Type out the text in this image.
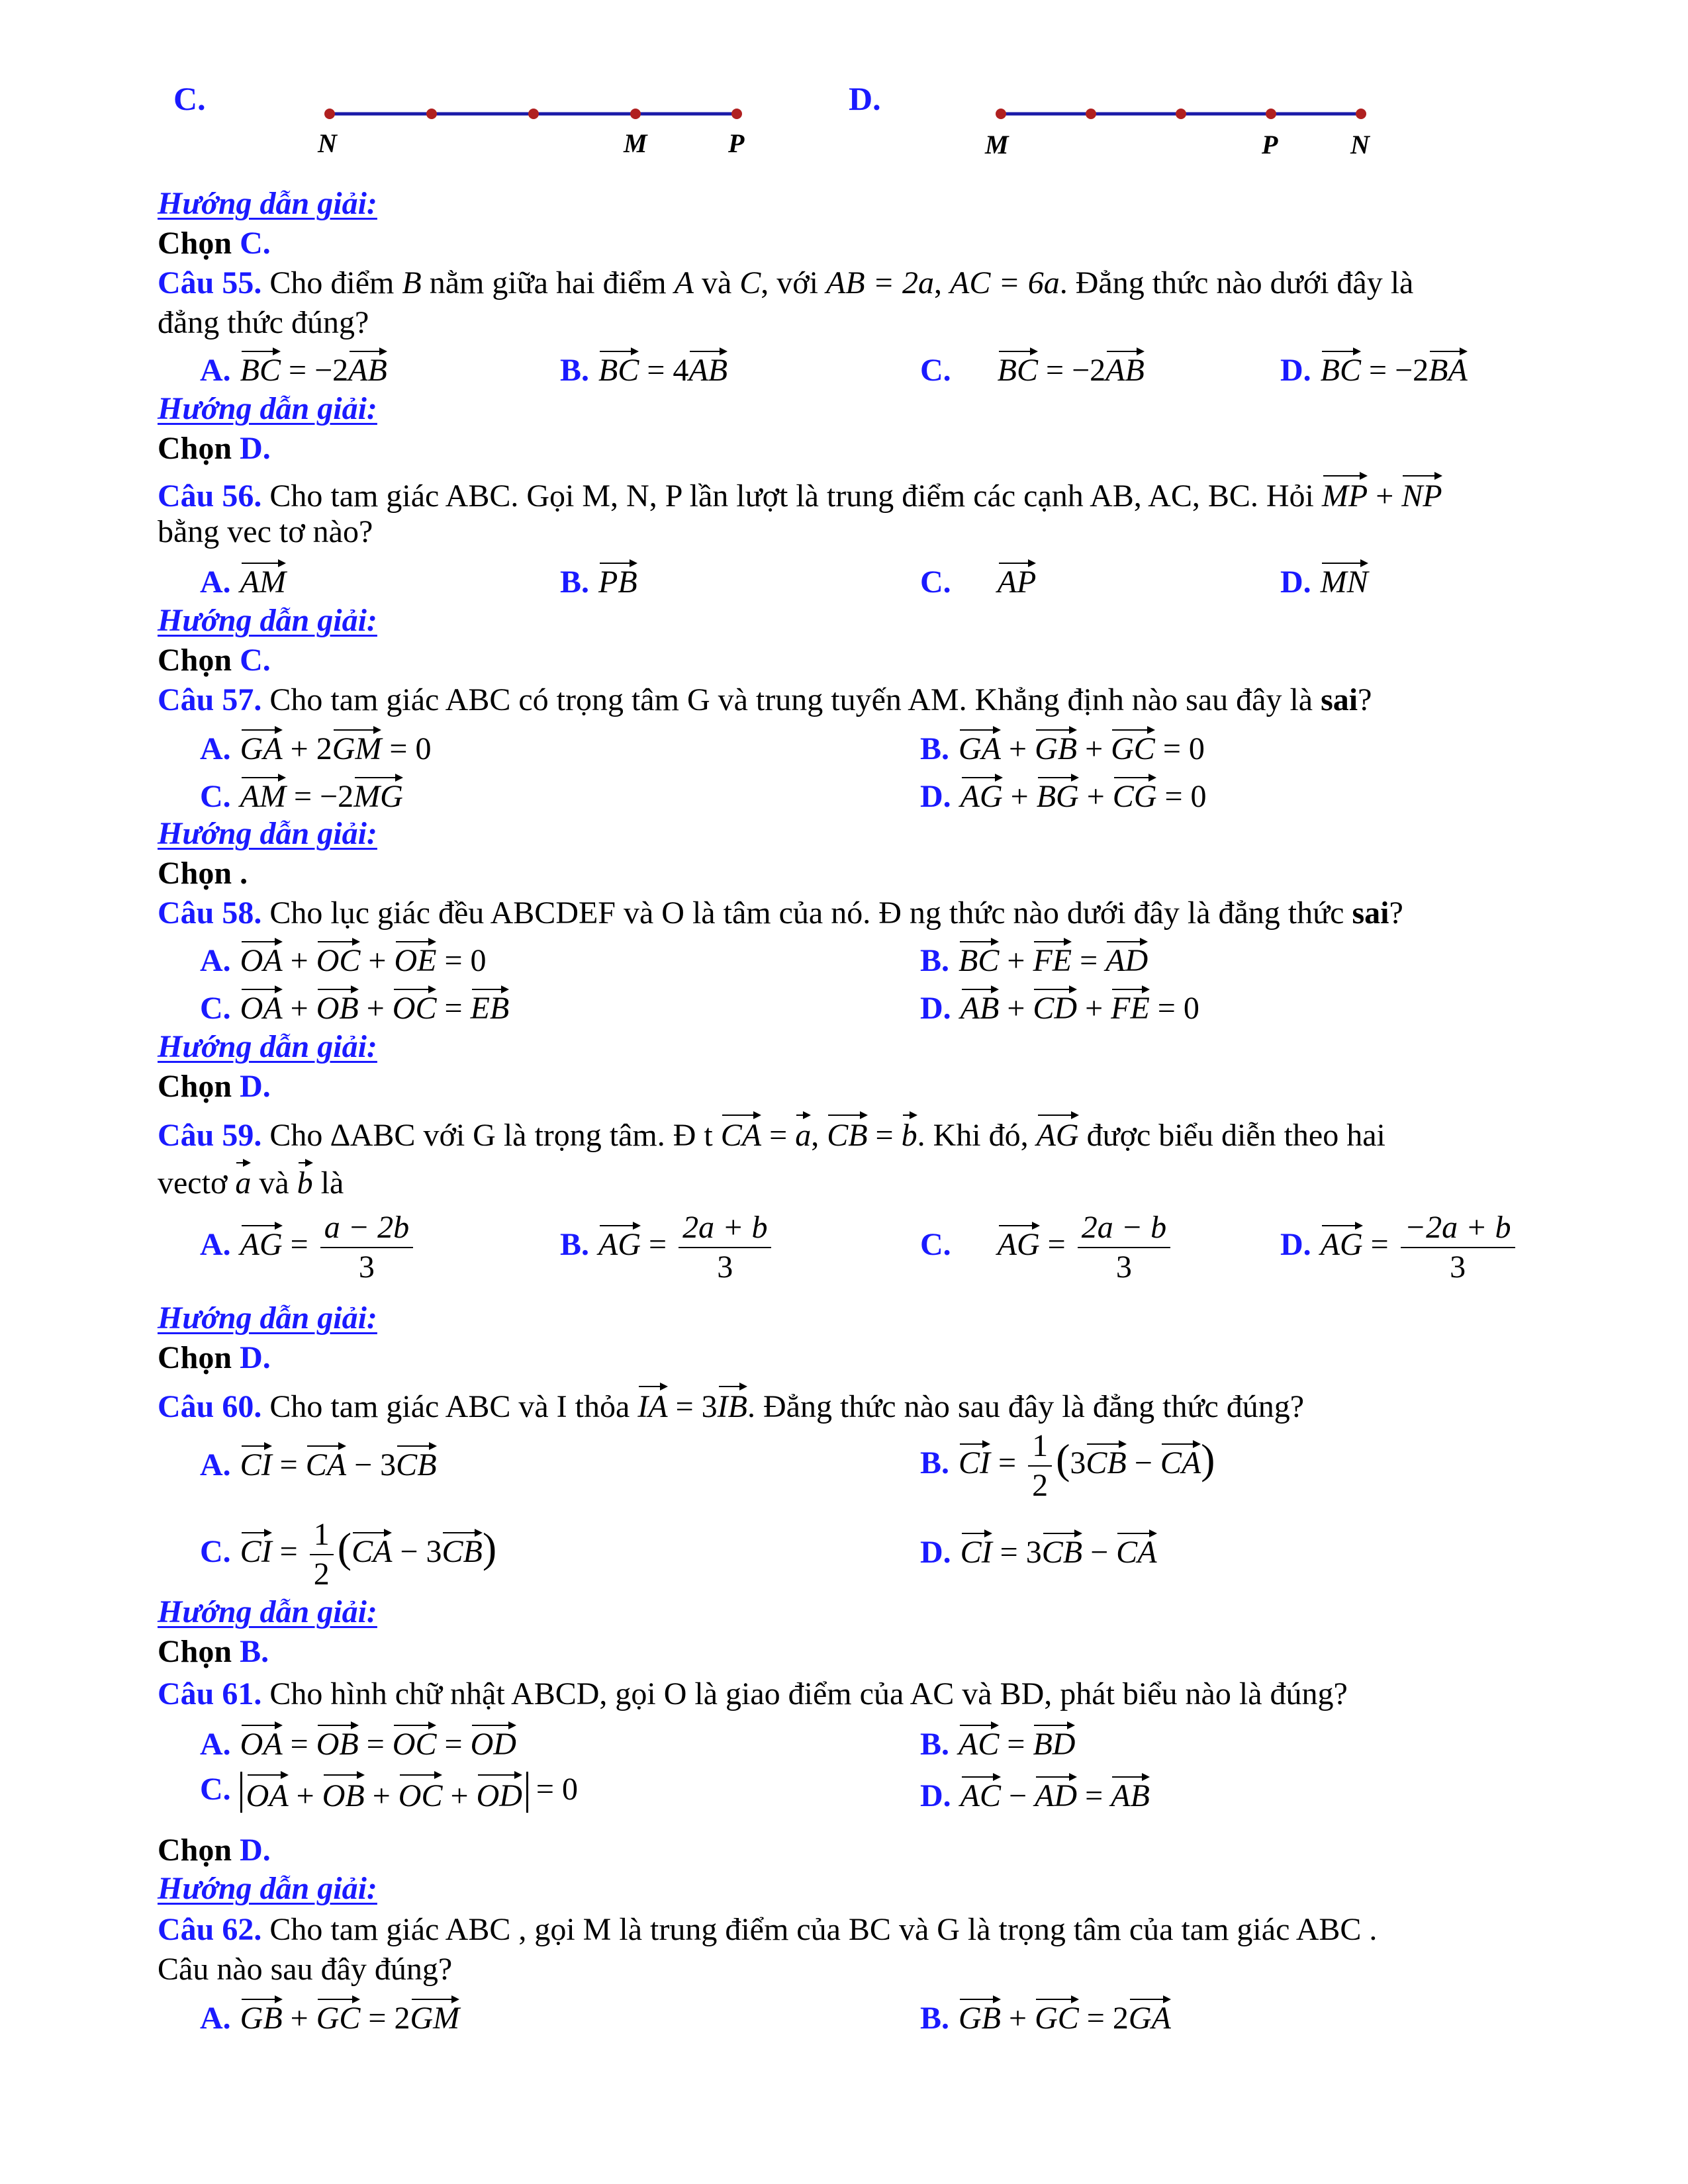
C.	D.
N	M	P	M	P	N
Hướng dẫn giải:
Chọn C.
Câu 55. Cho điểm B nằm giữa hai điểm A và C, với AB = 2a, AC = 6a. Đẳng thức nào dưới đây là
đẳng thức đúng?
A. BC = −2AB	B. BC = 4AB	C. BC = −2AB	D. BC = −2BA
Hướng dẫn giải:
Chọn D.
Câu 56. Cho tam giác ABC. Gọi M, N, P lần lượt là trung điểm các cạnh AB, AC, BC. Hỏi MP + NP
bằng vec tơ nào?
A. AM	B. PB	C. AP	D. MN
Hướng dẫn giải:
Chọn C.
Câu 57. Cho tam giác ABC có trọng tâm G và trung tuyến AM. Khẳng định nào sau đây là sai?
A. GA + 2GM = 0	B. GA + GB + GC = 0
C. AM = −2MG	D. AG + BG + CG = 0
Hướng dẫn giải:
Chọn .
Câu 58. Cho lục giác đều ABCDEF và O là tâm của nó. Đ ng thức nào dưới đây là đẳng thức sai?
A. OA + OC + OE = 0	B. BC + FE = AD
C. OA + OB + OC = EB	D. AB + CD + FE = 0
Hướng dẫn giải:
Chọn D.
Câu 59. Cho ∆ABC với G là trọng tâm. Đ t CA = a, CB = b. Khi đó, AG được biểu diễn theo hai
vectơ a và b là
A. AG = $\frac{a - 2b}{3}$	B. AG = $\frac{2a + b}{3}$	C. AG = $\frac{2a - b}{3}$	D. AG = $\frac{-2a + b}{3}$
Hướng dẫn giải:
Chọn D.
Câu 60. Cho tam giác ABC và I thỏa IA = 3IB. Đẳng thức nào sau đây là đẳng thức đúng?
A. CI = CA − 3CB	B. CI = $\frac{1}{2} (3CB - CA)$
C. CI = $\frac{1}{2} (CA - 3CB)$	D. CI = 3CB − CA
Hướng dẫn giải:
Chọn B.
Câu 61. Cho hình chữ nhật ABCD, gọi O là giao điểm của AC và BD, phát biểu nào là đúng?
A. OA = OB = OC = OD	B. AC = BD
C. OA + OB + OC + OD = 0	D. AC − AD = AB
Chọn D.
Hướng dẫn giải:
Câu 62. Cho tam giác ABC , gọi M là trung điểm của BC và G là trọng tâm của tam giác ABC .
Câu nào sau đây đúng?
A. GB + GC = 2GM	B. GB + GC = 2GA
